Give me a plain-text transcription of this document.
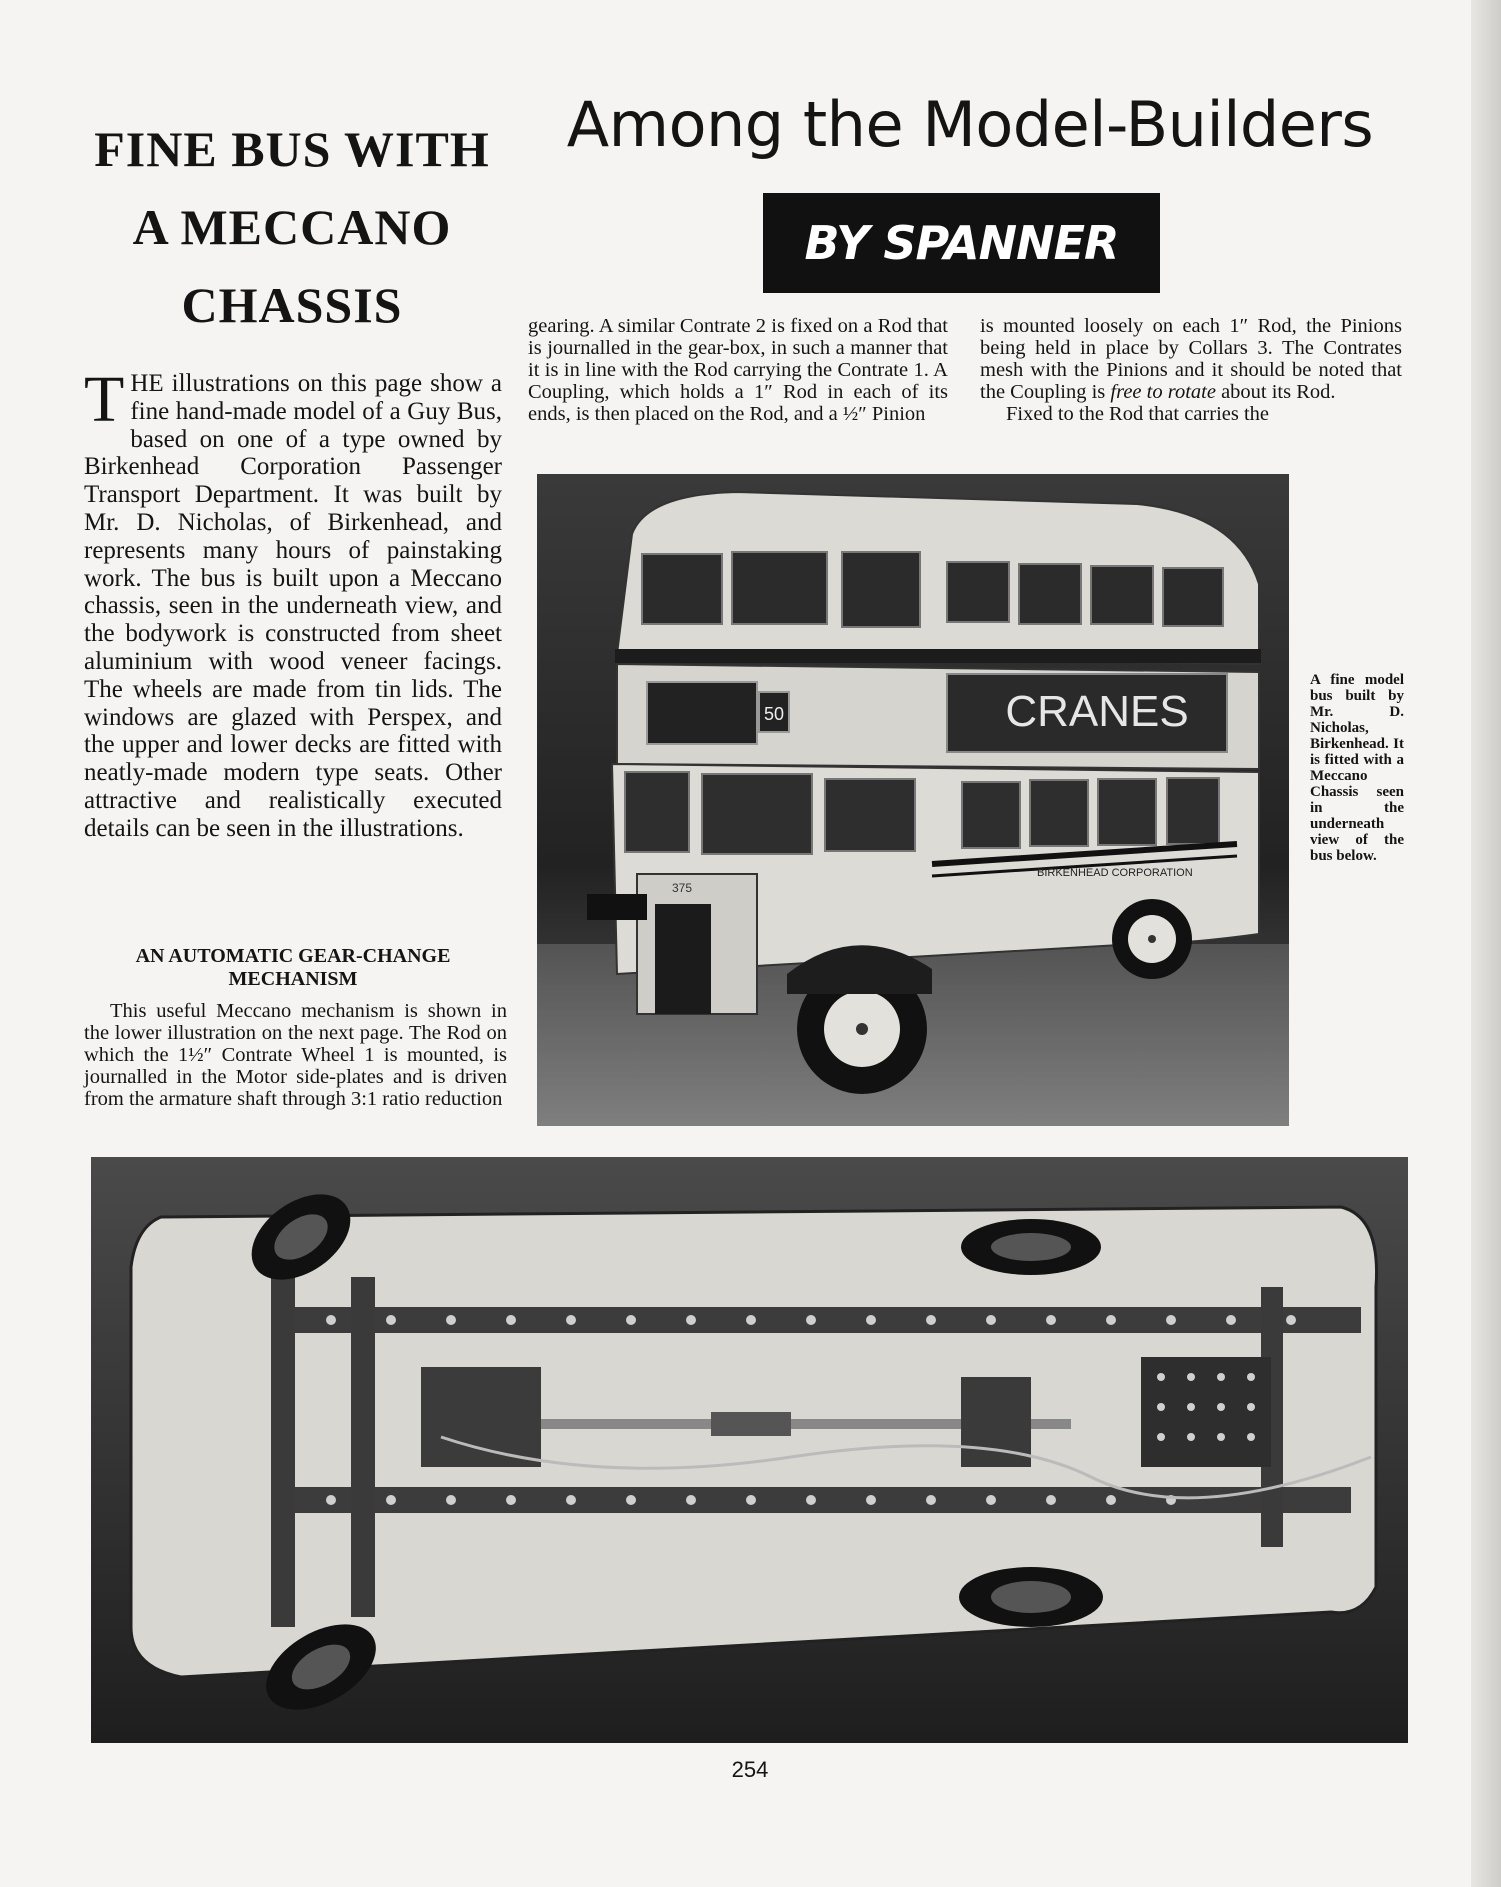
FINE BUS WITH
A MECCANO
CHASSIS
Among the Model-Builders
BY SPANNER

THE illustrations on this page show a fine hand-made model of a Guy Bus, based on one of a type owned by Birkenhead Corporation Passenger Transport Department. It was built by Mr. D. Nicholas, of Birkenhead, and represents many hours of painstaking work. The bus is built upon a Meccano chassis, seen in the underneath view, and the bodywork is constructed from sheet aluminium with wood veneer facings. The wheels are made from tin lids. The windows are glazed with Perspex, and the upper and lower decks are fitted with neatly-made modern type seats. Other attractive and realistically executed details can be seen in the illustrations.

AN AUTOMATIC GEAR-CHANGE
MECHANISM

This useful Meccano mechanism is shown in the lower illustration on the next page. The Rod on which the 1½″ Contrate Wheel 1 is mounted, is journalled in the Motor side-plates and is driven from the armature shaft through 3:1 ratio reduction

gearing. A similar Contrate 2 is fixed on a Rod that is journalled in the gear-box, in such a manner that it is in line with the Rod carrying the Contrate 1. A Coupling, which holds a 1″ Rod in each of its ends, is then placed on the Rod, and a ½″ Pinion

is mounted loosely on each 1″ Rod, the Pinions being held in place by Collars 3. The Contrates mesh with the Pinions and it should be noted that the Coupling is free to rotate about its Rod.

Fixed to the Rod that carries the

50	CRANES
BIRKENHEAD CORPORATION
375
A fine model bus built by Mr. D. Nicholas, Birkenhead. It is fitted with a Meccano Chassis seen in the underneath view of the bus below.
254
